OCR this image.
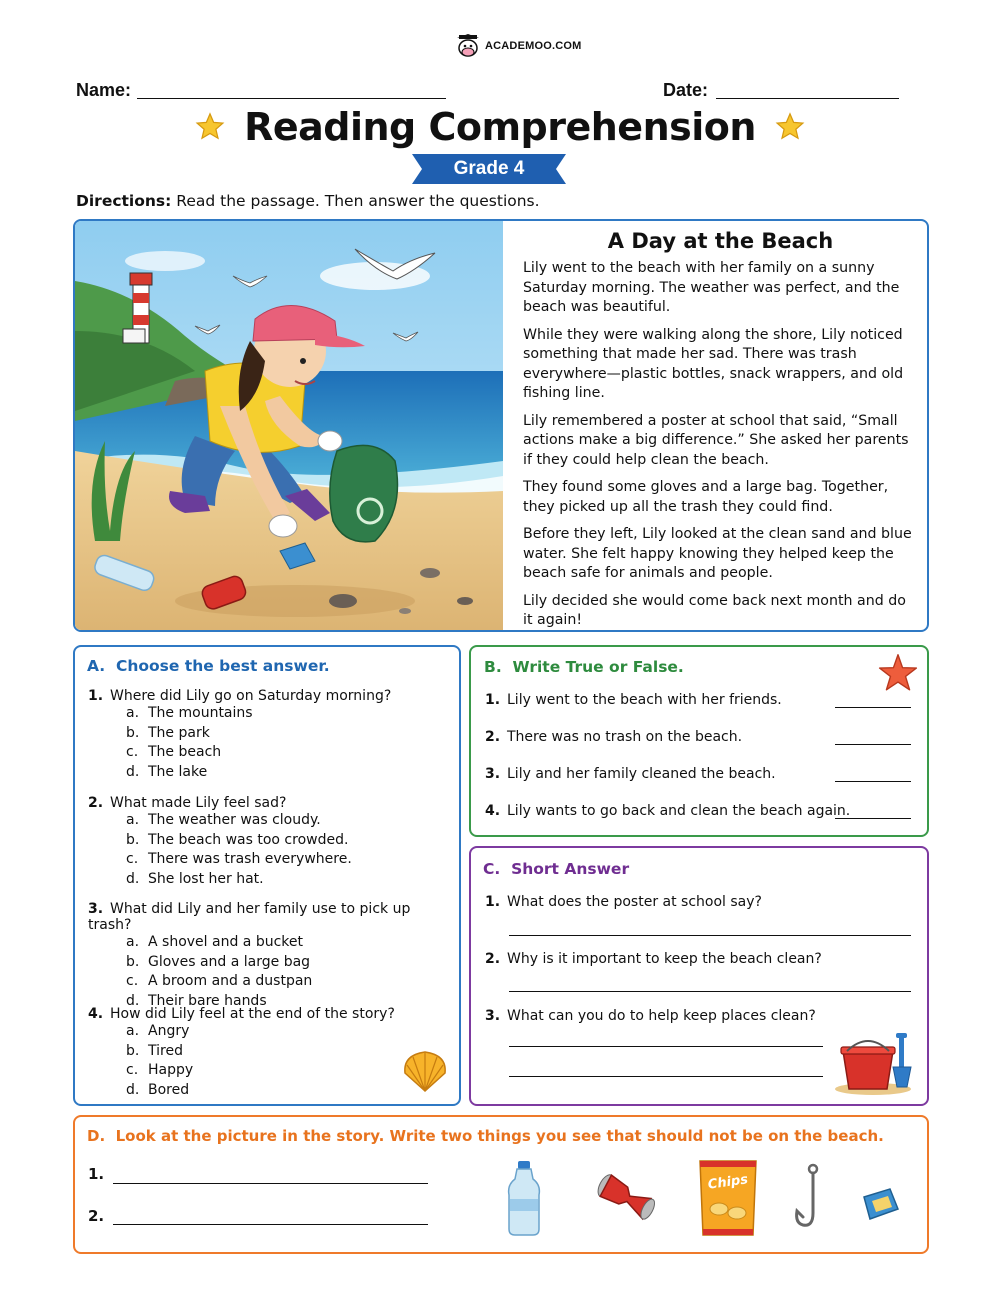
ACADEMOO.COM
Name:	Date:
Reading Comprehension
Grade 4
Directions: Read the passage. Then answer the questions.
A Day at the Beach

Lily went to the beach with her family on a sunny Saturday morning. The weather was perfect, and the beach was beautiful.

While they were walking along the shore, Lily noticed something that made her sad. There was trash everywhere—plastic bottles, snack wrappers, and old fishing line.

Lily remembered a poster at school that said, “Small actions make a big difference.” She asked her parents if they could help clean the beach.

They found some gloves and a large bag. Together, they picked up all the trash they could find.

Before they left, Lily looked at the clean sand and blue water. She felt happy knowing they helped keep the beach safe for animals and people.

Lily decided she would come back next month and do it again!

A. Choose the best answer.
1. Where did Lily go on Saturday morning?
a. The mountains
b. The park
c. The beach
d. The lake
2. What made Lily feel sad?
a. The weather was cloudy.
b. The beach was too crowded.
c. There was trash everywhere.
d. She lost her hat.
3. What did Lily and her family use to pick up trash?
a. A shovel and a bucket
b. Gloves and a large bag
c. A broom and a dustpan
d. Their bare hands
4. How did Lily feel at the end of the story?
a. Angry
b. Tired
c. Happy
d. Bored
B. Write True or False.
1. Lily went to the beach with her friends.
2. There was no trash on the beach.
3. Lily and her family cleaned the beach.
4. Lily wants to go back and clean the beach again.
C. Short Answer
1. What does the poster at school say?
2. Why is it important to keep the beach clean?
3. What can you do to help keep places clean?
D. Look at the picture in the story. Write two things you see that should not be on the beach.
1.
2.
Chips
